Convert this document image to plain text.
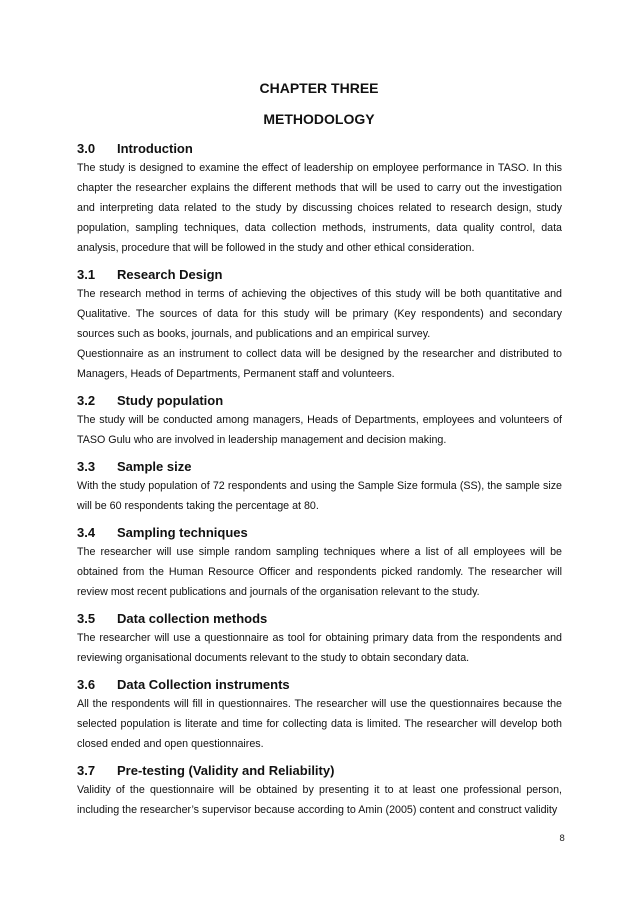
CHAPTER THREE

METHODOLOGY

3.0	Introduction

The study is designed to examine the effect of leadership on employee performance in TASO. In this chapter the researcher explains the different methods that will be used to carry out the investigation and interpreting data related to the study by discussing choices related to research design, study population, sampling techniques, data collection methods, instruments, data quality control, data analysis, procedure that will be followed in the study and other ethical consideration.

3.1	Research Design

The research method in terms of achieving the objectives of this study will be both quantitative and Qualitative. The sources of data for this study will be primary (Key respondents) and secondary sources such as books, journals, and publications and an empirical survey.

Questionnaire as an instrument to collect data will be designed by the researcher and distributed to Managers, Heads of Departments, Permanent staff and volunteers.

3.2	Study population

The study will be conducted among managers, Heads of Departments, employees and volunteers of TASO Gulu who are involved in leadership management and decision making.

3.3	Sample size

With the study population of 72 respondents and using the Sample Size formula (SS), the sample size will be 60 respondents taking the percentage at 80.

3.4	Sampling techniques

The researcher will use simple random sampling techniques where a list of all employees will be obtained from the Human Resource Officer and respondents picked randomly. The researcher will review most recent publications and journals of the organisation relevant to the study.

3.5	Data collection methods

The researcher will use a questionnaire as tool for obtaining primary data from the respondents and reviewing organisational documents relevant to the study to obtain secondary data.

3.6	Data Collection instruments

All the respondents will fill in questionnaires. The researcher will use the questionnaires because the selected population is literate and time for collecting data is limited. The researcher will develop both closed ended and open questionnaires.

3.7	Pre-testing (Validity and Reliability)

Validity of the questionnaire will be obtained by presenting it to at least one professional person, including the researcher’s supervisor because according to Amin (2005) content and construct validity

8
